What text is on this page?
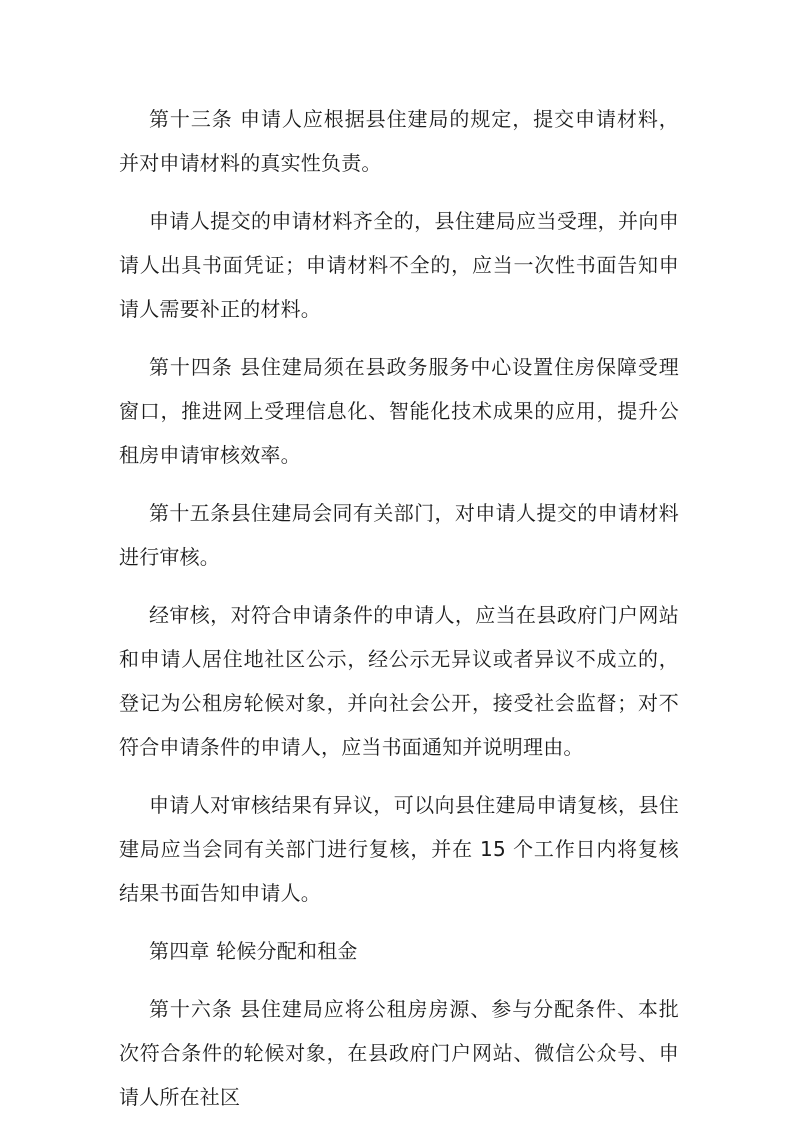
第十三条 申请人应根据县住建局的规定，提交申请材料，并对申请材料的真实性负责。

申请人提交的申请材料齐全的，县住建局应当受理，并向申请人出具书面凭证；申请材料不全的，应当一次性书面告知申请人需要补正的材料。

第十四条 县住建局须在县政务服务中心设置住房保障受理窗口，推进网上受理信息化、智能化技术成果的应用，提升公租房申请审核效率。

第十五条县住建局会同有关部门，对申请人提交的申请材料进行审核。

经审核，对符合申请条件的申请人，应当在县政府门户网站和申请人居住地社区公示，经公示无异议或者异议不成立的，登记为公租房轮候对象，并向社会公开，接受社会监督；对不符合申请条件的申请人，应当书面通知并说明理由。

申请人对审核结果有异议，可以向县住建局申请复核，县住建局应当会同有关部门进行复核，并在 15 个工作日内将复核结果书面告知申请人。

第四章 轮候分配和租金

第十六条 县住建局应将公租房房源、参与分配条件、本批次符合条件的轮候对象，在县政府门户网站、微信公众号、申请人所在社区
